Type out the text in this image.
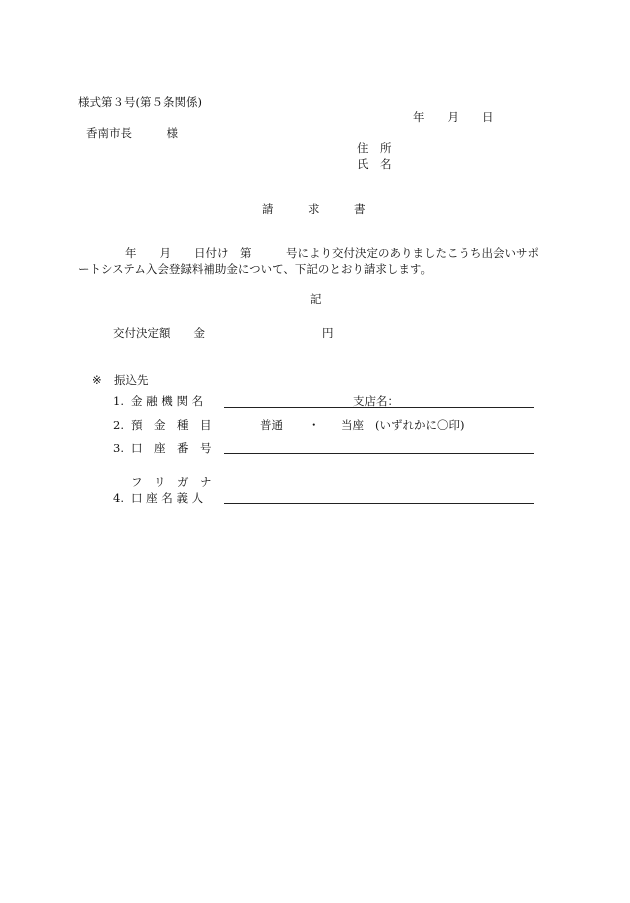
様式第３号(第５条関係)
年　　月　　日
香南市長　　　様
住　所
氏　名
請　　　求　　　書
年　　月　　日付け　第　　　号により交付決定のありましたこうち出会いサポ
ートシステム入会登録料補助金について、下記のとおり請求します。
記
交付決定額　　金	円
※ 振込先
1. 金 融 機 関 名	支店名：
2. 預　金　種　目	普通 ・ 当座 (いずれかに〇印)
3. 口　座　番　号
フ　リ　ガ　ナ
4. 口 座 名 義 人
